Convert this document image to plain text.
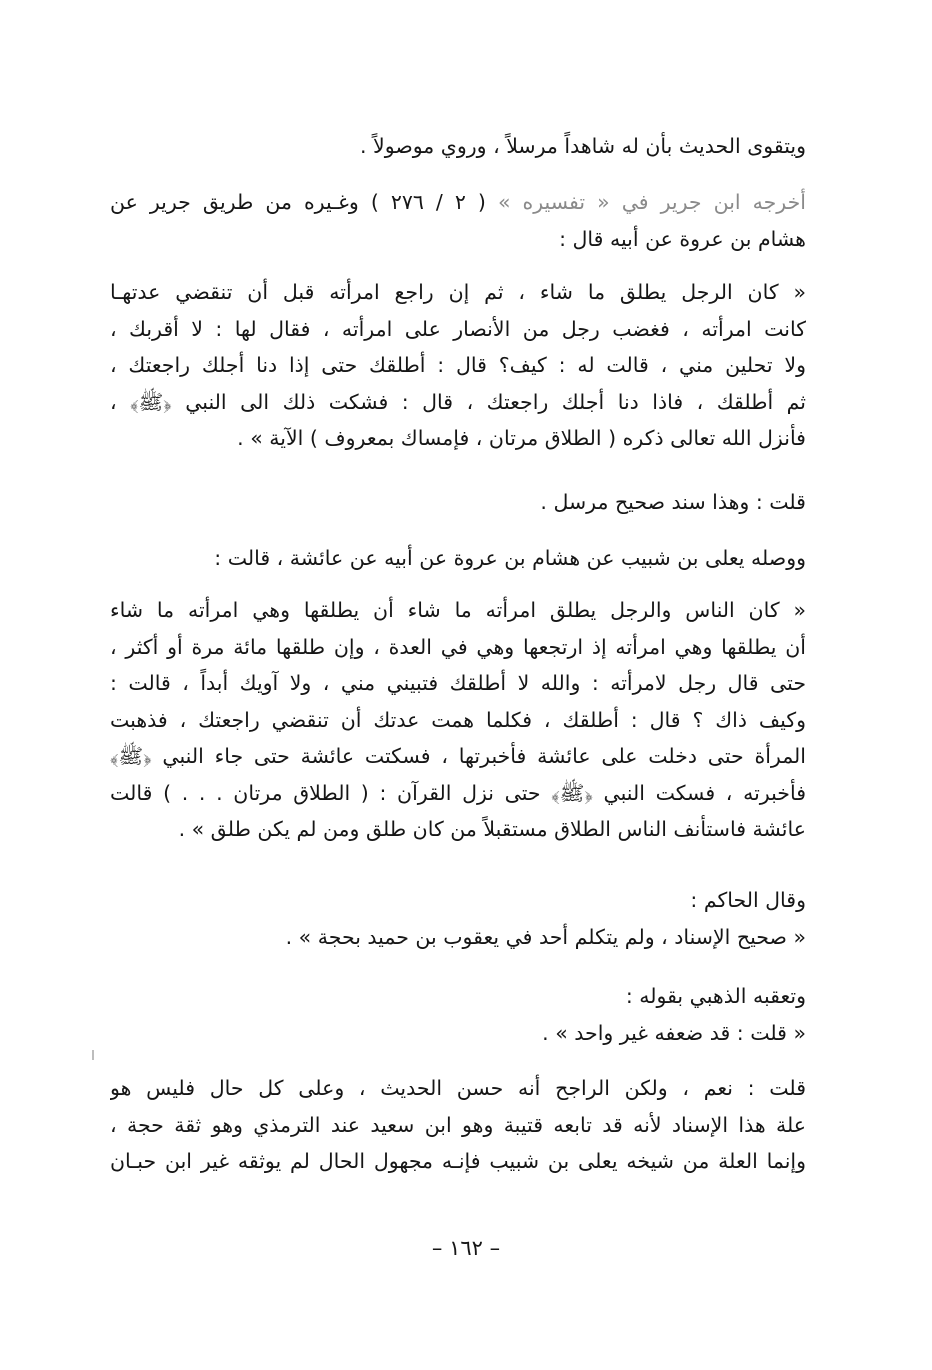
ويتقوى الحديث بأن له شاهداً مرسلاً ، وروي موصولاً .

أخرجه ابن جرير في « تفسيره » ( ٢ / ٢٧٦ ) وغـيره من طريق جرير عن
هشام بن عروة عن أبيه قال :

« كان الرجل يطلق ما شاء ، ثم إن راجع امرأته قبل أن تنقضي عدتهـا
كانت امرأته ، فغضب رجل من الأنصار على امرأته ، فقال لها : لا أقربك ،
ولا تحلين مني ، قالت له : كيف؟ قال : أطلقك حتى إذا دنا أجلك راجعتك ،
ثم أطلقك ، فاذا دنا أجلك راجعتك ، قال : فشكت ذلك الى النبي ﴿ﷺ﴾ ،
فأنزل الله تعالى ذكره ( الطلاق مرتان ، فإمساك بمعروف ) الآية » .

قلت : وهذا سند صحيح مرسل .

ووصله يعلى بن شبيب عن هشام بن عروة عن أبيه عن عائشة ، قالت :

« كان الناس والرجل يطلق امرأته ما شاء أن يطلقها وهي امرأته ما شاء
أن يطلقها وهي امرأته إذ ارتجعها وهي في العدة ، وإن طلقها مائة مرة أو أكثر ،
حتى قال رجل لامرأته : والله لا أطلقك فتبيني مني ، ولا آويك أبداً ، قالت :
وكيف ذاك ؟ قال : أطلقك ، فكلما همت عدتك أن تنقضي راجعتك ، فذهبت
المرأة حتى دخلت على عائشة فأخبرتها ، فسكتت عائشة حتى جاء النبي ﴿ﷺ﴾
فأخبرته ، فسكت النبي ﴿ﷺ﴾ حتى نزل القرآن : ( الطلاق مرتان . . . ) قالت
عائشة فاستأنف الناس الطلاق مستقبلاً من كان طلق ومن لم يكن طلق » .

وقال الحاكم :
« صحيح الإسناد ، ولم يتكلم أحد في يعقوب بن حميد بحجة » .

وتعقبه الذهبي بقوله :
« قلت : قد ضعفه غير واحد » .

قلت : نعم ، ولكن الراجح أنه حسن الحديث ، وعلى كل حال فليس هو
علة هذا الإسناد لأنه قد تابعه قتيبة وهو ابن سعيد عند الترمذي وهو ثقة حجة ،
وإنما العلة من شيخه يعلى بن شبيب فإنـه مجهول الحال لم يوثقه غير ابن حبـان

– ١٦٢ –
